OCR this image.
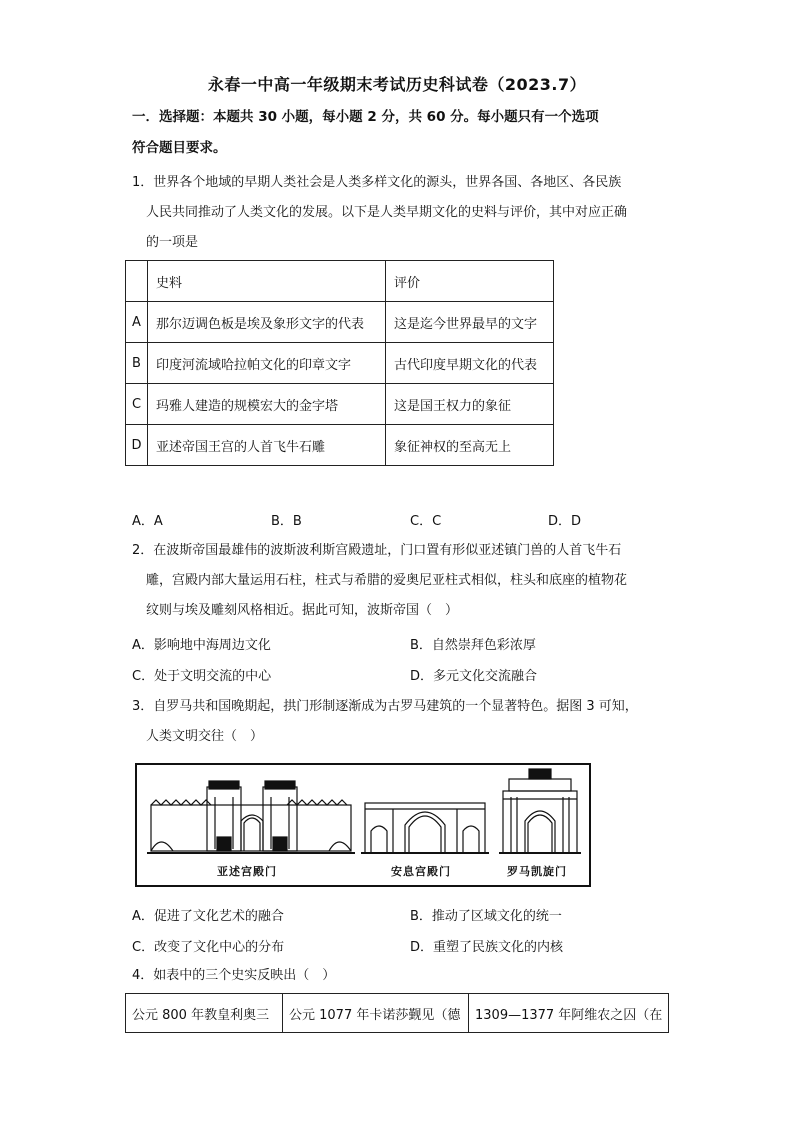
永春一中高一年级期末考试历史科试卷（2023.7）
一．选择题：本题共 30 小题，每小题 2 分，共 60 分。每小题只有一个选项
符合题目要求。
1．世界各个地域的早期人类社会是人类多样文化的源头，世界各国、各地区、各民族
人民共同推动了人类文化的发展。以下是人类早期文化的史料与评价，其中对应正确
的一项是
	史料	评价
A	那尔迈调色板是埃及象形文字的代表	这是迄今世界最早的文字
B	印度河流域哈拉帕文化的印章文字	古代印度早期文化的代表
C	玛雅人建造的规模宏大的金字塔	这是国王权力的象征
D	亚述帝国王宫的人首飞牛石雕	象征神权的至高无上
A．A	B．B	C．C	D．D
2．在波斯帝国最雄伟的波斯波利斯宫殿遗址，门口置有形似亚述镇门兽的人首飞牛石
雕，宫殿内部大量运用石柱，柱式与希腊的爱奥尼亚柱式相似，柱头和底座的植物花
纹则与埃及雕刻风格相近。据此可知，波斯帝国（　）
A．影响地中海周边文化	B．自然崇拜色彩浓厚
C．处于文明交流的中心	D．多元文化交流融合
3．自罗马共和国晚期起，拱门形制逐渐成为古罗马建筑的一个显著特色。据图 3 可知，
人类文明交往（　）
亚述宫殿门	安息宫殿门	罗马凯旋门
A．促进了文化艺术的融合	B．推动了区域文化的统一
C．改变了文化中心的分布	D．重塑了民族文化的内核
4．如表中的三个史实反映出（　）
公元 800 年教皇利奥三	公元 1077 年卡诺莎觐见（德	1309—1377 年阿维农之囚（在
